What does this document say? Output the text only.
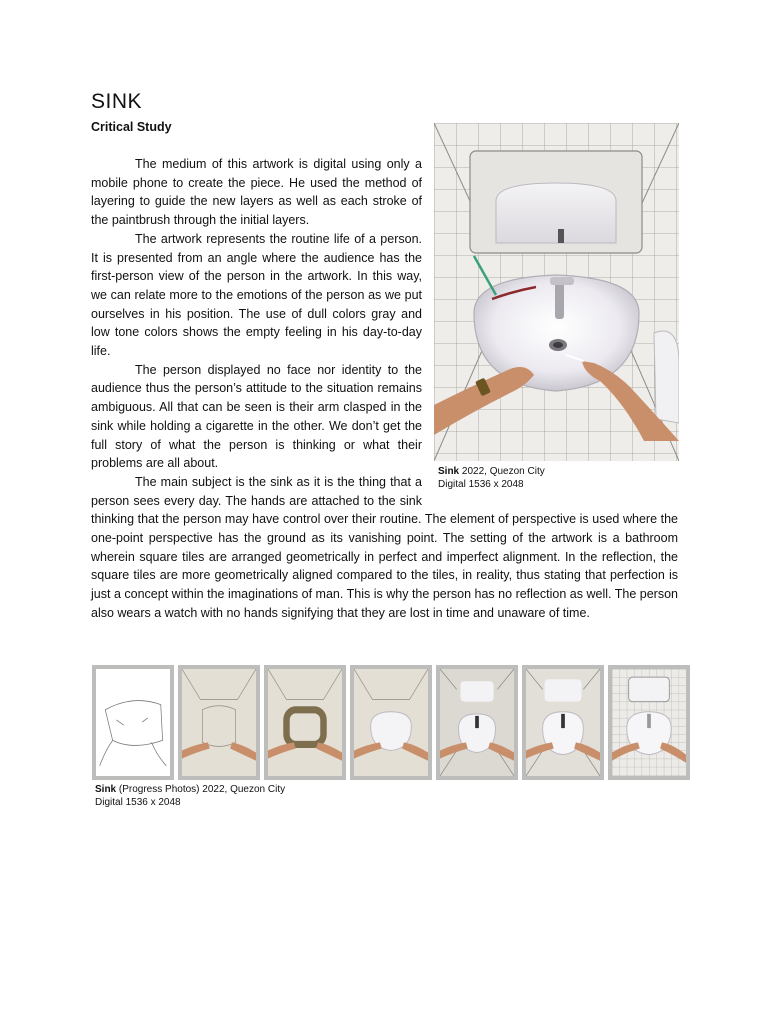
SINK
Critical Study
Sink 2022, Quezon City
Digital 1536 x 2048

The medium of this artwork is digital using only a mobile phone to create the piece. He used the method of layering to guide the new layers as well as each stroke of the paintbrush through the initial layers.

The artwork represents the routine life of a person. It is presented from an angle where the audience has the first-person view of the person in the artwork. In this way, we can relate more to the emotions of the person as we put ourselves in his position. The use of dull colors gray and low tone colors shows the empty feeling in his day-to-day life.

The person displayed no face nor identity to the audience thus the person’s attitude to the situation remains ambiguous. All that can be seen is their arm clasped in the sink while holding a cigarette in the other. We don’t get the full story of what the person is thinking or what their problems are all about.

The main subject is the sink as it is the thing that a person sees every day. The hands are attached to the sink thinking that the person may have control over their routine. The element of perspective is used where the one-point perspective has the ground as its vanishing point. The setting of the artwork is a bathroom wherein square tiles are arranged geometrically in perfect and imperfect alignment. In the reflection, the square tiles are more geometrically aligned compared to the tiles, in reality, thus stating that perfection is just a concept within the imaginations of man. This is why the person has no reflection as well. The person also wears a watch with no hands signifying that they are lost in time and unaware of time.

Sink (Progress Photos) 2022, Quezon City
Digital 1536 x 2048
